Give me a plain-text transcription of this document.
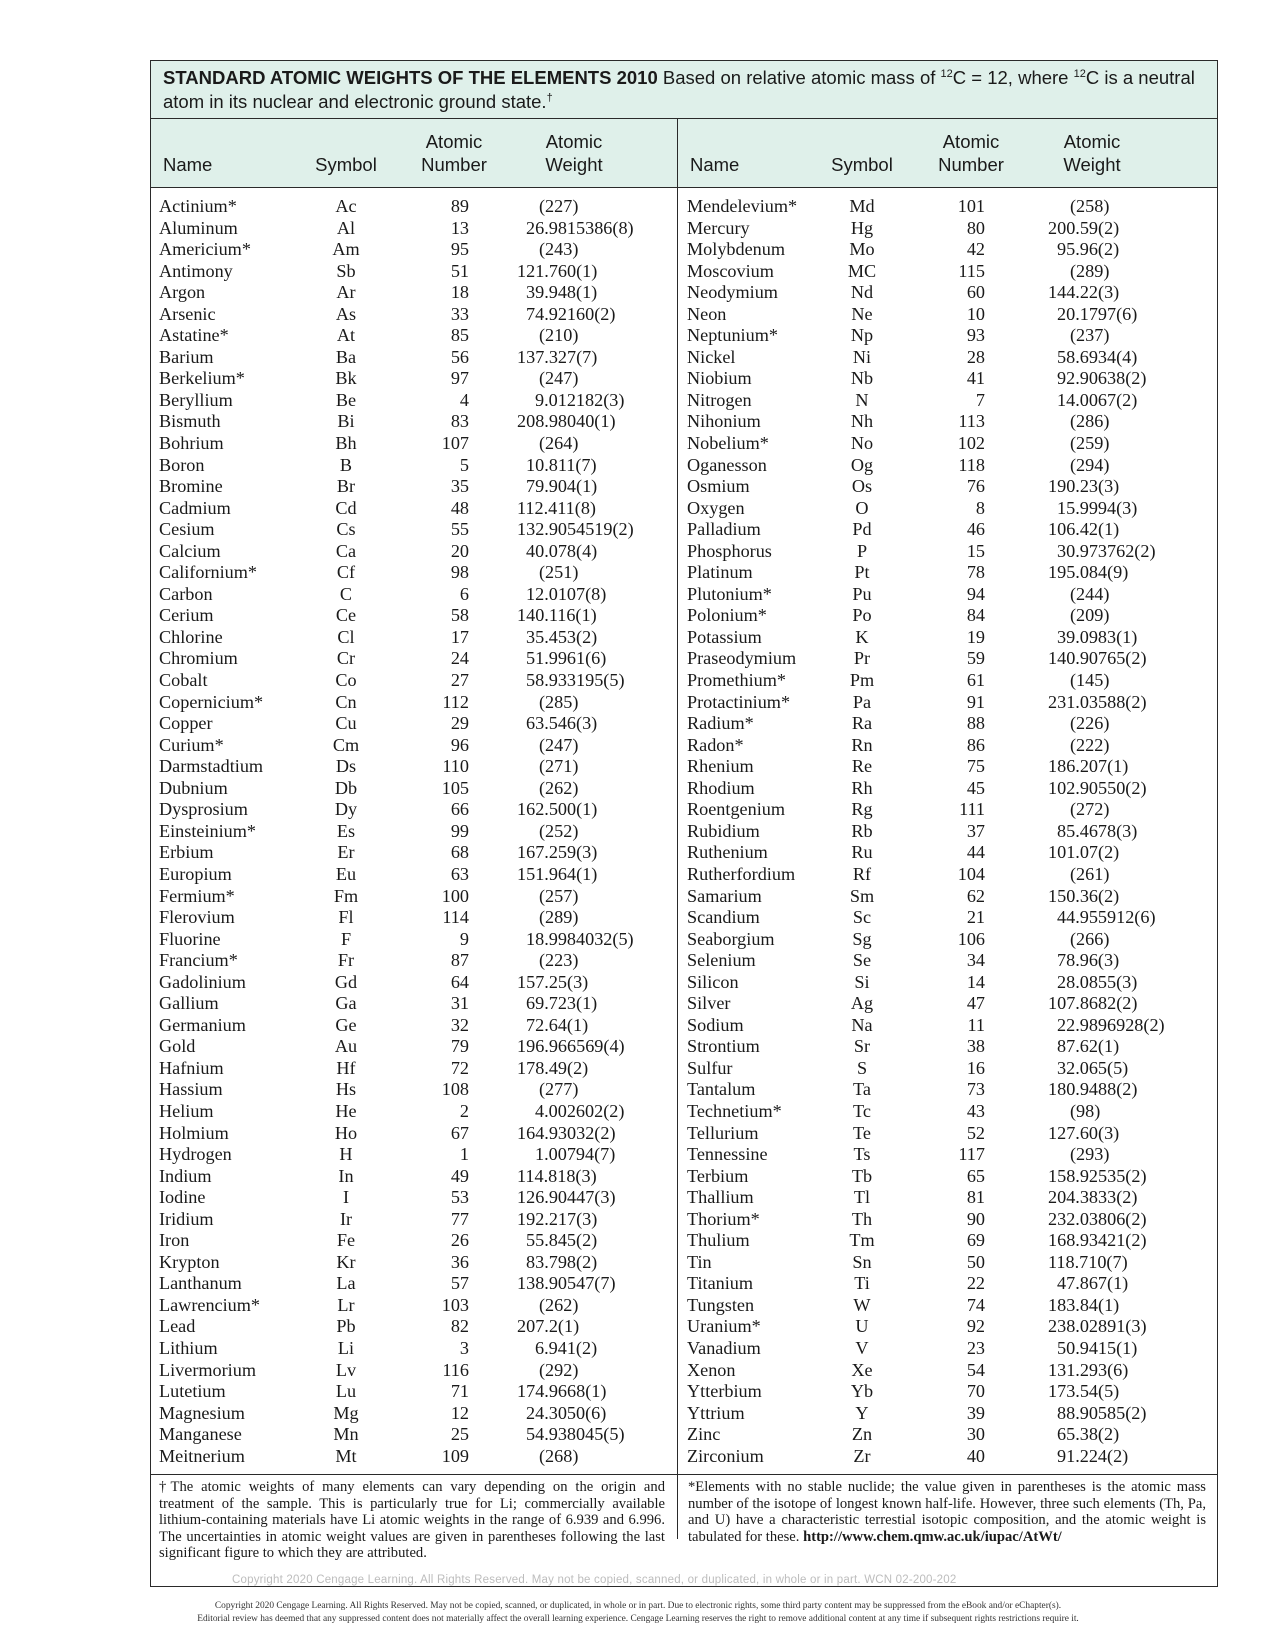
STANDARD ATOMIC WEIGHTS OF THE ELEMENTS 2010 Based on relative atomic mass of $^{12}$C = 12, where $^{12}$C is a neutral
atom in its nuclear and electronic ground state.†
Name	Symbol
Atomic
Number
Atomic
Weight	Name	Symbol
Atomic
Number
Atomic
Weight
Actinium*	Ac	89	(227)
Aluminum	Al	13	26.9815386(8)
Americium*	Am	95	(243)
Antimony	Sb	51	121.760(1)
Argon	Ar	18	39.948(1)
Arsenic	As	33	74.92160(2)
Astatine*	At	85	(210)
Barium	Ba	56	137.327(7)
Berkelium*	Bk	97	(247)
Beryllium	Be	4	9.012182(3)
Bismuth	Bi	83	208.98040(1)
Bohrium	Bh	107	(264)
Boron	B	5	10.811(7)
Bromine	Br	35	79.904(1)
Cadmium	Cd	48	112.411(8)
Cesium	Cs	55	132.9054519(2)
Calcium	Ca	20	40.078(4)
Californium*	Cf	98	(251)
Carbon	C	6	12.0107(8)
Cerium	Ce	58	140.116(1)
Chlorine	Cl	17	35.453(2)
Chromium	Cr	24	51.9961(6)
Cobalt	Co	27	58.933195(5)
Copernicium*	Cn	112	(285)
Copper	Cu	29	63.546(3)
Curium*	Cm	96	(247)
Darmstadtium	Ds	110	(271)
Dubnium	Db	105	(262)
Dysprosium	Dy	66	162.500(1)
Einsteinium*	Es	99	(252)
Erbium	Er	68	167.259(3)
Europium	Eu	63	151.964(1)
Fermium*	Fm	100	(257)
Flerovium	Fl	114	(289)
Fluorine	F	9	18.9984032(5)
Francium*	Fr	87	(223)
Gadolinium	Gd	64	157.25(3)
Gallium	Ga	31	69.723(1)
Germanium	Ge	32	72.64(1)
Gold	Au	79	196.966569(4)
Hafnium	Hf	72	178.49(2)
Hassium	Hs	108	(277)
Helium	He	2	4.002602(2)
Holmium	Ho	67	164.93032(2)
Hydrogen	H	1	1.00794(7)
Indium	In	49	114.818(3)
Iodine	I	53	126.90447(3)
Iridium	Ir	77	192.217(3)
Iron	Fe	26	55.845(2)
Krypton	Kr	36	83.798(2)
Lanthanum	La	57	138.90547(7)
Lawrencium*	Lr	103	(262)
Lead	Pb	82	207.2(1)
Lithium	Li	3	6.941(2)
Livermorium	Lv	116	(292)
Lutetium	Lu	71	174.9668(1)
Magnesium	Mg	12	24.3050(6)
Manganese	Mn	25	54.938045(5)
Meitnerium	Mt	109	(268)
Mendelevium*	Md	101	(258)
Mercury	Hg	80	200.59(2)
Molybdenum	Mo	42	95.96(2)
Moscovium	MC	115	(289)
Neodymium	Nd	60	144.22(3)
Neon	Ne	10	20.1797(6)
Neptunium*	Np	93	(237)
Nickel	Ni	28	58.6934(4)
Niobium	Nb	41	92.90638(2)
Nitrogen	N	7	14.0067(2)
Nihonium	Nh	113	(286)
Nobelium*	No	102	(259)
Oganesson	Og	118	(294)
Osmium	Os	76	190.23(3)
Oxygen	O	8	15.9994(3)
Palladium	Pd	46	106.42(1)
Phosphorus	P	15	30.973762(2)
Platinum	Pt	78	195.084(9)
Plutonium*	Pu	94	(244)
Polonium*	Po	84	(209)
Potassium	K	19	39.0983(1)
Praseodymium	Pr	59	140.90765(2)
Promethium*	Pm	61	(145)
Protactinium*	Pa	91	231.03588(2)
Radium*	Ra	88	(226)
Radon*	Rn	86	(222)
Rhenium	Re	75	186.207(1)
Rhodium	Rh	45	102.90550(2)
Roentgenium	Rg	111	(272)
Rubidium	Rb	37	85.4678(3)
Ruthenium	Ru	44	101.07(2)
Rutherfordium	Rf	104	(261)
Samarium	Sm	62	150.36(2)
Scandium	Sc	21	44.955912(6)
Seaborgium	Sg	106	(266)
Selenium	Se	34	78.96(3)
Silicon	Si	14	28.0855(3)
Silver	Ag	47	107.8682(2)
Sodium	Na	11	22.9896928(2)
Strontium	Sr	38	87.62(1)
Sulfur	S	16	32.065(5)
Tantalum	Ta	73	180.9488(2)
Technetium*	Tc	43	(98)
Tellurium	Te	52	127.60(3)
Tennessine	Ts	117	(293)
Terbium	Tb	65	158.92535(2)
Thallium	Tl	81	204.3833(2)
Thorium*	Th	90	232.03806(2)
Thulium	Tm	69	168.93421(2)
Tin	Sn	50	118.710(7)
Titanium	Ti	22	47.867(1)
Tungsten	W	74	183.84(1)
Uranium*	U	92	238.02891(3)
Vanadium	V	23	50.9415(1)
Xenon	Xe	54	131.293(6)
Ytterbium	Yb	70	173.54(5)
Yttrium	Y	39	88.90585(2)
Zinc	Zn	30	65.38(2)
Zirconium	Zr	40	91.224(2)
†The atomic weights of many elements can vary depending on the origin and treatment of the sample. This is particularly true for Li; commercially available lithium-containing materials have Li atomic weights in the range of 6.939 and 6.996. The uncertainties in atomic weight values are given in parentheses following the last significant figure to which they are attributed.
*Elements with no stable nuclide; the value given in parentheses is the atomic mass number of the isotope of longest known half-life. However, three such elements (Th, Pa, and U) have a characteristic terrestial isotopic composition, and the atomic weight is tabulated for these. http://www.chem.qmw.ac.uk/iupac/AtWt/
Copyright 2020 Cengage Learning. All Rights Reserved. May not be copied, scanned, or duplicated, in whole or in part. WCN 02-200-202
Copyright 2020 Cengage Learning. All Rights Reserved. May not be copied, scanned, or duplicated, in whole or in part. Due to electronic rights, some third party content may be suppressed from the eBook and/or eChapter(s).
Editorial review has deemed that any suppressed content does not materially affect the overall learning experience. Cengage Learning reserves the right to remove additional content at any time if subsequent rights restrictions require it.
